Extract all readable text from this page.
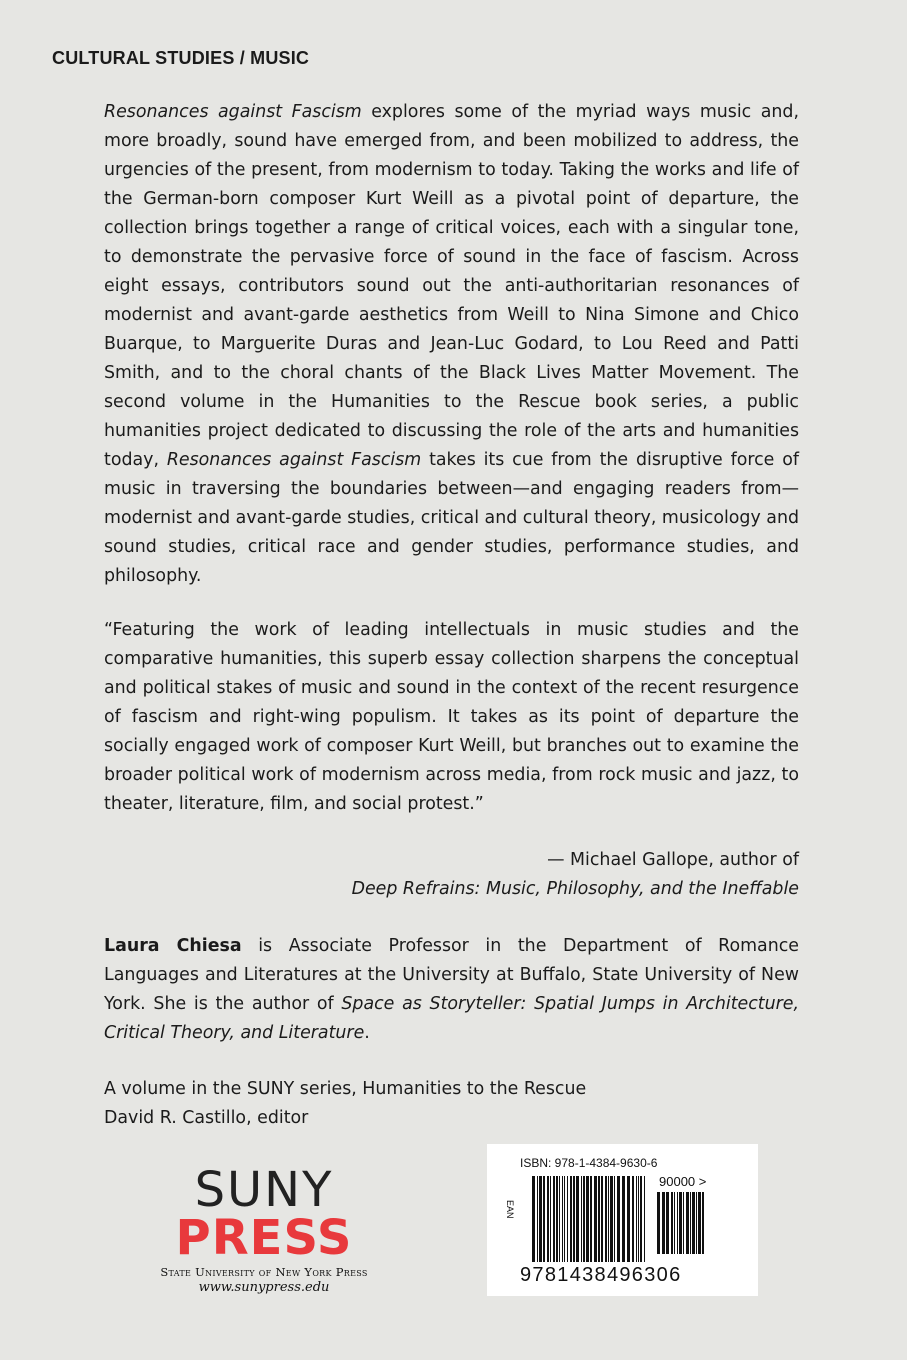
CULTURAL STUDIES / MUSIC
Resonances against Fascism explores some of the myriad ways music and, more broadly, sound have emerged from, and been mobilized to address, the urgencies of the present, from modernism to today. Taking the works and life of the German-born composer Kurt Weill as a pivotal point of departure, the collection brings together a range of critical voices, each with a singular tone, to demonstrate the pervasive force of sound in the face of fascism. Across eight essays, contributors sound out the anti-authoritarian resonances of modernist and avant-garde aesthetics from Weill to Nina Simone and Chico Buarque, to Marguerite Duras and Jean-Luc Godard, to Lou Reed and Patti Smith, and to the choral chants of the Black Lives Matter Movement. The second volume in the Humanities to the Rescue book series, a public humanities project dedicated to discussing the role of the arts and humanities today, Resonances against Fascism takes its cue from the disruptive force of music in traversing the boundaries between—and engaging readers from—modernist and avant-garde studies, critical and cultural theory, musicology and sound studies, critical race and gender studies, performance studies, and philosophy.
“Featuring the work of leading intellectuals in music studies and the comparative humanities, this superb essay collection sharpens the conceptual and political stakes of music and sound in the context of the recent resurgence of fascism and right-wing populism. It takes as its point of departure the socially engaged work of composer Kurt Weill, but branches out to examine the broader political work of modernism across media, from rock music and jazz, to theater, literature, film, and social protest.”
— Michael Gallope, author of
Deep Refrains: Music, Philosophy, and the Ineffable
Laura Chiesa is Associate Professor in the Department of Romance Languages and Literatures at the University at Buffalo, State University of New York. She is the author of Space as Storyteller: Spatial Jumps in Architecture, Critical Theory, and Literature.
A volume in the SUNY series, Humanities to the Rescue
David R. Castillo, editor
SUNY
PRESS
State University of New York Press
www.sunypress.edu
ISBN: 978-1-4384-9630-6
EAN
90000 >
9781438496306
